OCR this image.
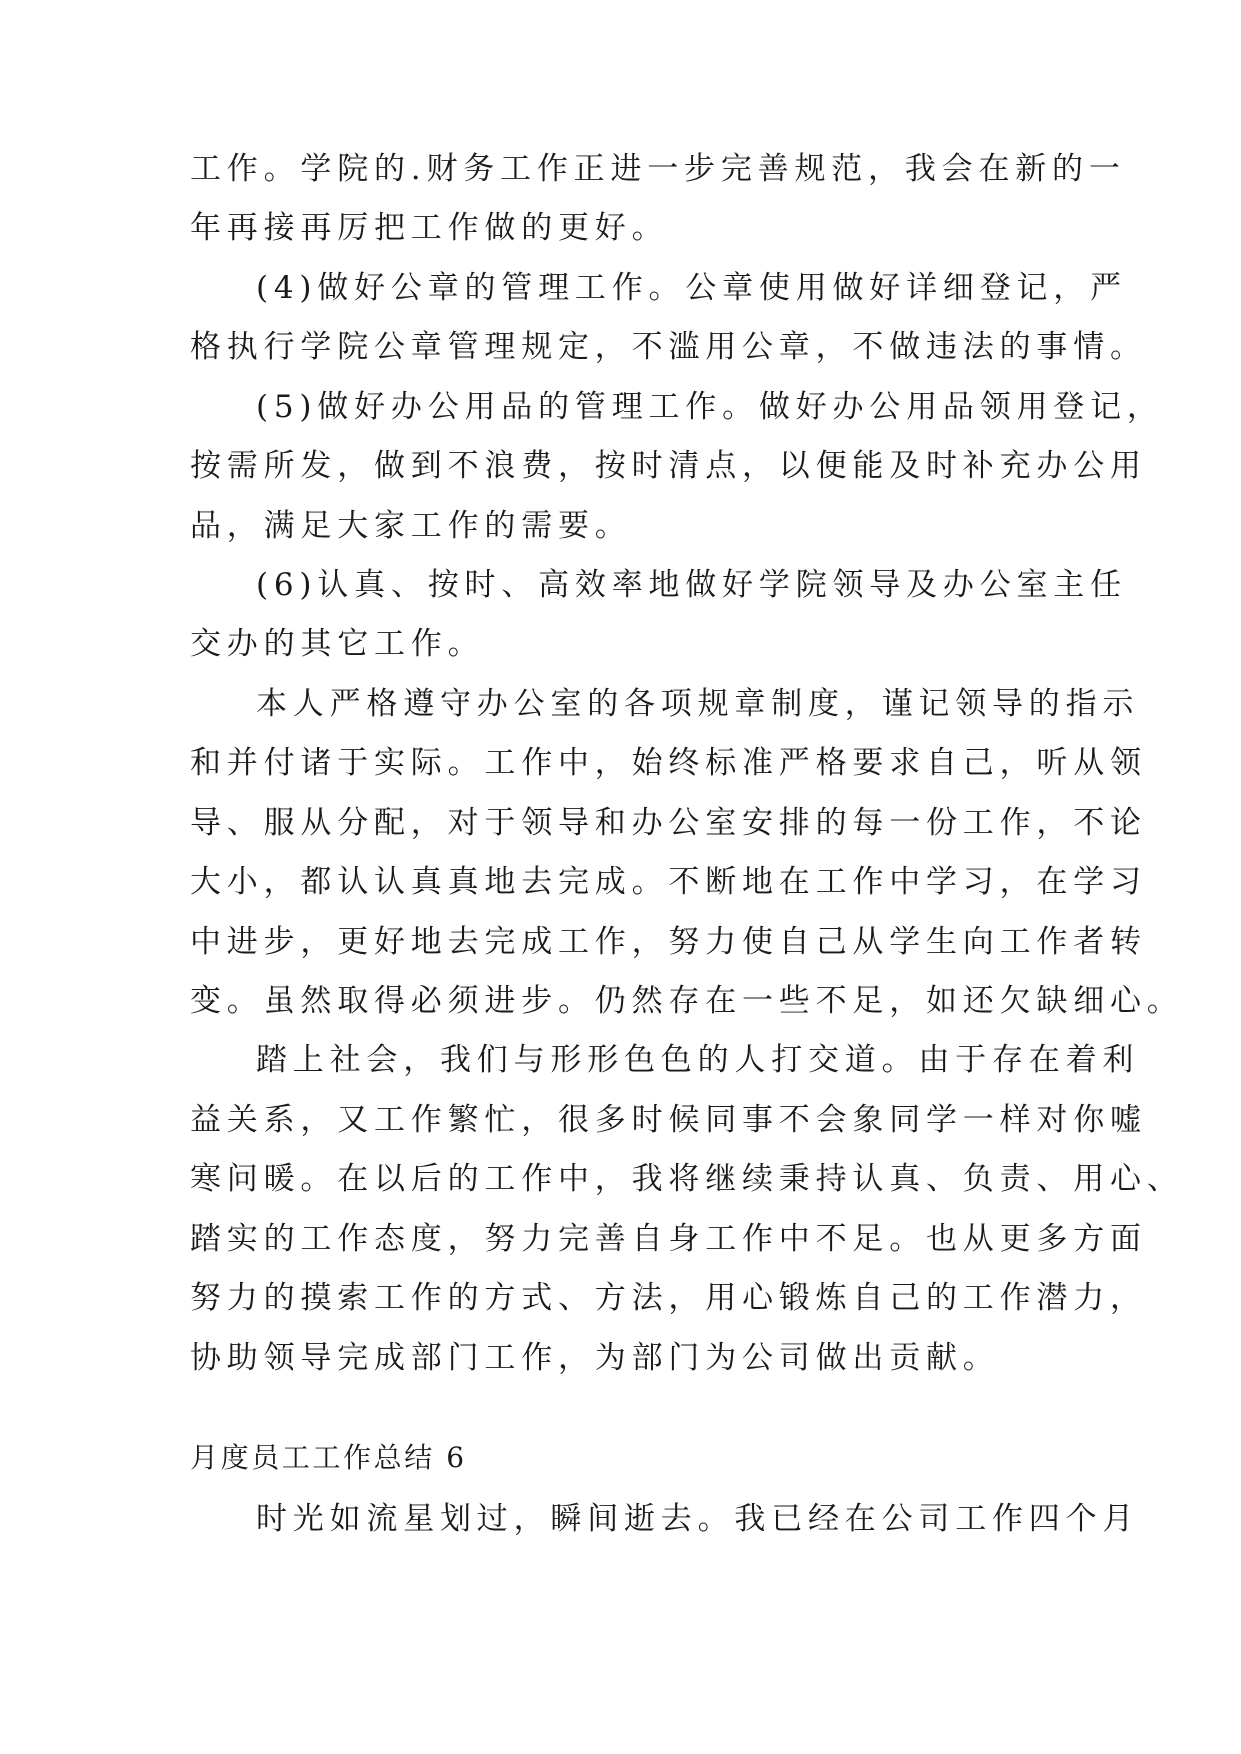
工作。学院的.财务工作正进一步完善规范，我会在新的一
年再接再厉把工作做的更好。
(4)做好公章的管理工作。公章使用做好详细登记，严
格执行学院公章管理规定，不滥用公章，不做违法的事情。
(5)做好办公用品的管理工作。做好办公用品领用登记，
按需所发，做到不浪费，按时清点，以便能及时补充办公用
品，满足大家工作的需要。
(6)认真、按时、高效率地做好学院领导及办公室主任
交办的其它工作。
本人严格遵守办公室的各项规章制度，谨记领导的指示
和并付诸于实际。工作中，始终标准严格要求自己，听从领
导、服从分配，对于领导和办公室安排的每一份工作，不论
大小，都认认真真地去完成。不断地在工作中学习，在学习
中进步，更好地去完成工作，努力使自己从学生向工作者转
变。虽然取得必须进步。仍然存在一些不足，如还欠缺细心。
踏上社会，我们与形形色色的人打交道。由于存在着利
益关系，又工作繁忙，很多时候同事不会象同学一样对你嘘
寒问暖。在以后的工作中，我将继续秉持认真、负责、用心、
踏实的工作态度，努力完善自身工作中不足。也从更多方面
努力的摸索工作的方式、方法，用心锻炼自己的工作潜力，
协助领导完成部门工作，为部门为公司做出贡献。
月度员工工作总结 6
时光如流星划过，瞬间逝去。我已经在公司工作四个月
